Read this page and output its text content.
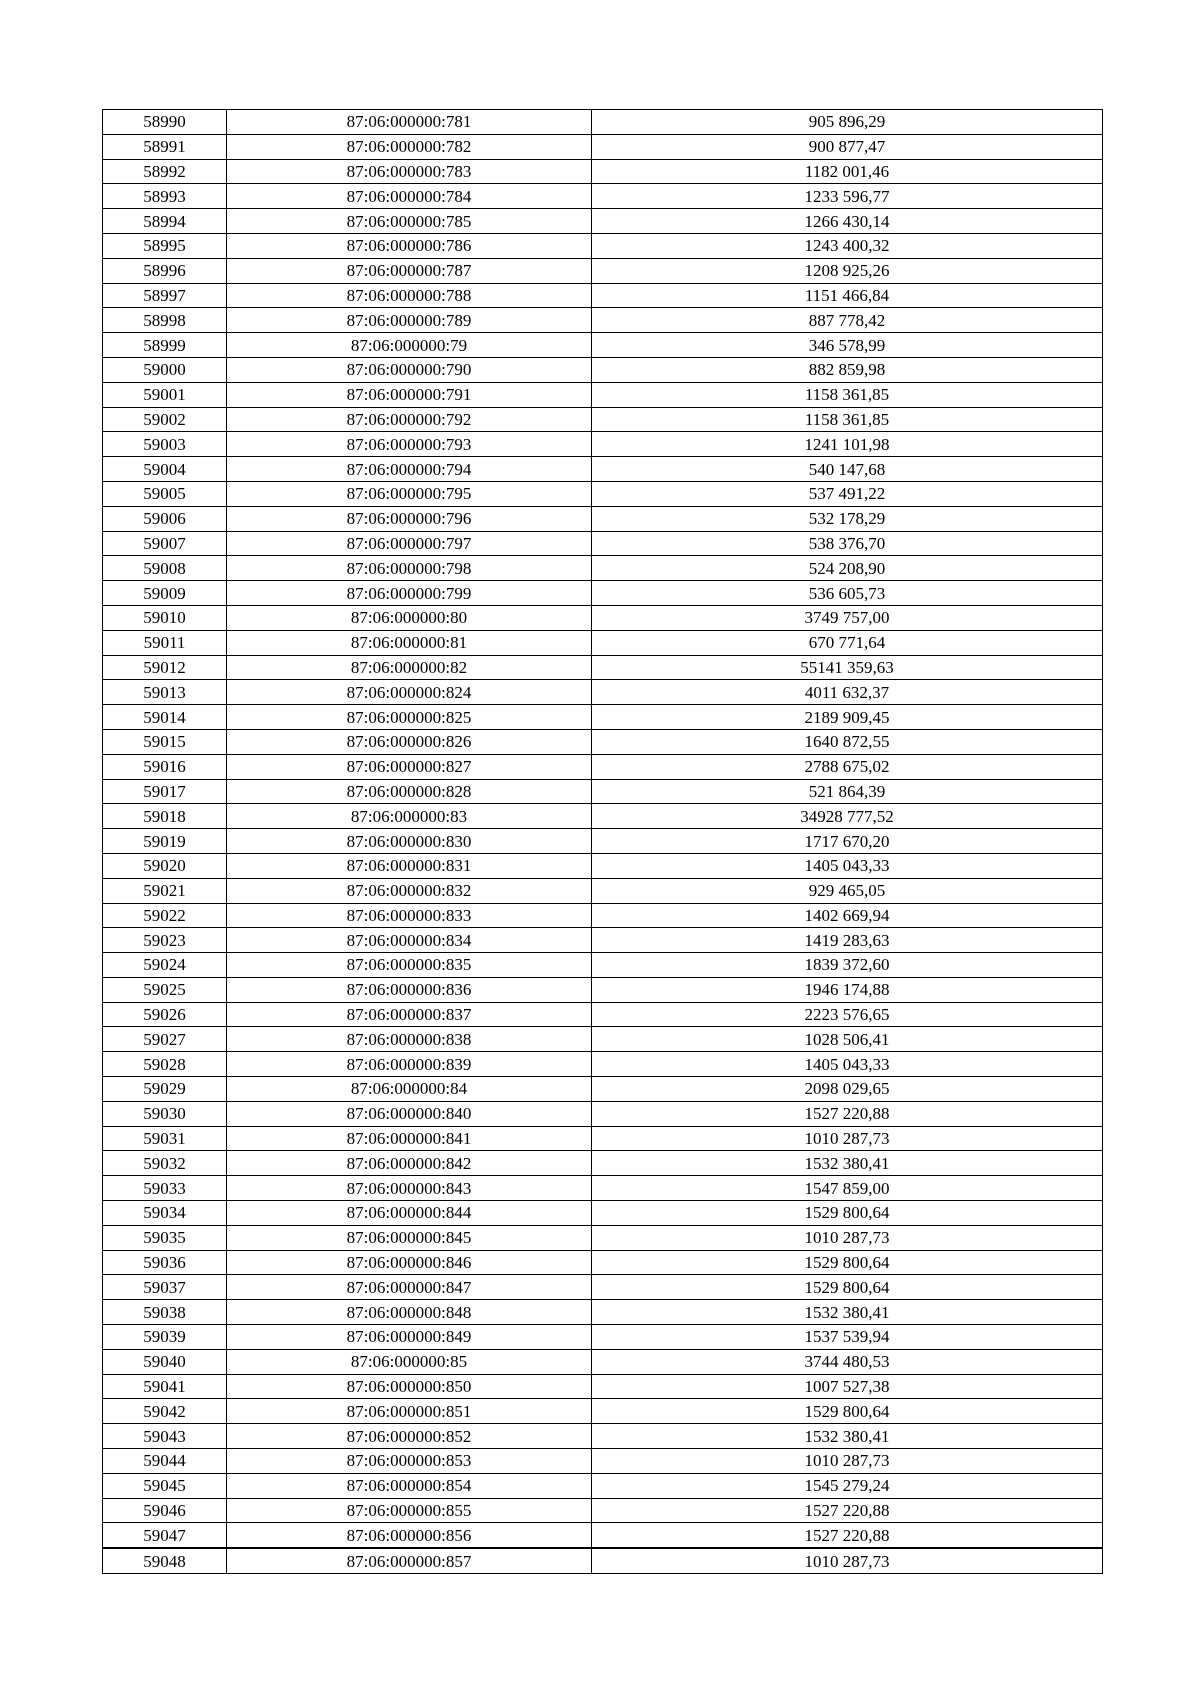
58990	87:06:000000:781	905 896,29
58991	87:06:000000:782	900 877,47
58992	87:06:000000:783	1182 001,46
58993	87:06:000000:784	1233 596,77
58994	87:06:000000:785	1266 430,14
58995	87:06:000000:786	1243 400,32
58996	87:06:000000:787	1208 925,26
58997	87:06:000000:788	1151 466,84
58998	87:06:000000:789	887 778,42
58999	87:06:000000:79	346 578,99
59000	87:06:000000:790	882 859,98
59001	87:06:000000:791	1158 361,85
59002	87:06:000000:792	1158 361,85
59003	87:06:000000:793	1241 101,98
59004	87:06:000000:794	540 147,68
59005	87:06:000000:795	537 491,22
59006	87:06:000000:796	532 178,29
59007	87:06:000000:797	538 376,70
59008	87:06:000000:798	524 208,90
59009	87:06:000000:799	536 605,73
59010	87:06:000000:80	3749 757,00
59011	87:06:000000:81	670 771,64
59012	87:06:000000:82	55141 359,63
59013	87:06:000000:824	4011 632,37
59014	87:06:000000:825	2189 909,45
59015	87:06:000000:826	1640 872,55
59016	87:06:000000:827	2788 675,02
59017	87:06:000000:828	521 864,39
59018	87:06:000000:83	34928 777,52
59019	87:06:000000:830	1717 670,20
59020	87:06:000000:831	1405 043,33
59021	87:06:000000:832	929 465,05
59022	87:06:000000:833	1402 669,94
59023	87:06:000000:834	1419 283,63
59024	87:06:000000:835	1839 372,60
59025	87:06:000000:836	1946 174,88
59026	87:06:000000:837	2223 576,65
59027	87:06:000000:838	1028 506,41
59028	87:06:000000:839	1405 043,33
59029	87:06:000000:84	2098 029,65
59030	87:06:000000:840	1527 220,88
59031	87:06:000000:841	1010 287,73
59032	87:06:000000:842	1532 380,41
59033	87:06:000000:843	1547 859,00
59034	87:06:000000:844	1529 800,64
59035	87:06:000000:845	1010 287,73
59036	87:06:000000:846	1529 800,64
59037	87:06:000000:847	1529 800,64
59038	87:06:000000:848	1532 380,41
59039	87:06:000000:849	1537 539,94
59040	87:06:000000:85	3744 480,53
59041	87:06:000000:850	1007 527,38
59042	87:06:000000:851	1529 800,64
59043	87:06:000000:852	1532 380,41
59044	87:06:000000:853	1010 287,73
59045	87:06:000000:854	1545 279,24
59046	87:06:000000:855	1527 220,88
59047	87:06:000000:856	1527 220,88
59048	87:06:000000:857	1010 287,73
